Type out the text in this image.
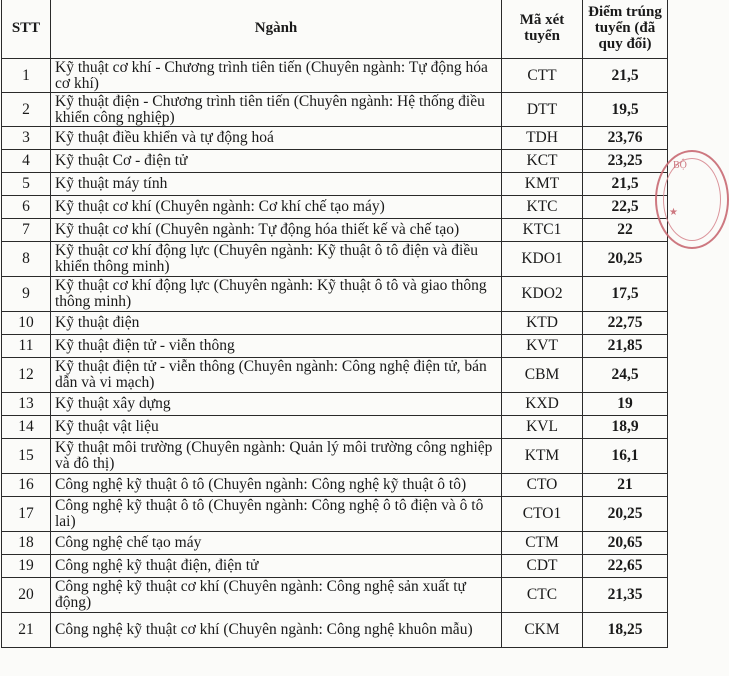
STT	Ngành	Mã xét tuyển	Điểm trúng tuyển (đã quy đổi)
1	Kỹ thuật cơ khí - Chương trình tiên tiến (Chuyên ngành: Tự động hóa cơ khí)	CTT	21,5
2	Kỹ thuật điện - Chương trình tiên tiến (Chuyên ngành: Hệ thống điều khiển công nghiệp)	DTT	19,5
3	Kỹ thuật điều khiển và tự động hoá	TDH	23,76
4	Kỹ thuật Cơ - điện tử	KCT	23,25
5	Kỹ thuật máy tính	KMT	21,5
6	Kỹ thuật cơ khí (Chuyên ngành: Cơ khí chế tạo máy)	KTC	22,5
7	Kỹ thuật cơ khí (Chuyên ngành: Tự động hóa thiết kế và chế tạo)	KTC1	22
8	Kỹ thuật cơ khí động lực (Chuyên ngành: Kỹ thuật ô tô điện và điều khiển thông minh)	KDO1	20,25
9	Kỹ thuật cơ khí động lực (Chuyên ngành: Kỹ thuật ô tô và giao thông thông minh)	KDO2	17,5
10	Kỹ thuật điện	KTD	22,75
11	Kỹ thuật điện tử - viễn thông	KVT	21,85
12	Kỹ thuật điện tử - viễn thông (Chuyên ngành: Công nghệ điện tử, bán dẫn và vi mạch)	CBM	24,5
13	Kỹ thuật xây dựng	KXD	19
14	Kỹ thuật vật liệu	KVL	18,9
15	Kỹ thuật môi trường (Chuyên ngành: Quản lý môi trường công nghiệp và đô thị)	KTM	16,1
16	Công nghệ kỹ thuật ô tô (Chuyên ngành: Công nghệ kỹ thuật ô tô)	CTO	21
17	Công nghệ kỹ thuật ô tô (Chuyên ngành: Công nghệ ô tô điện và ô tô lai)	CTO1	20,25
18	Công nghệ chế tạo máy	CTM	20,65
19	Công nghệ kỹ thuật điện, điện tử	CDT	22,65
20	Công nghệ kỹ thuật cơ khí (Chuyên ngành: Công nghệ sản xuất tự động)	CTC	21,35
21	Công nghệ kỹ thuật cơ khí (Chuyên ngành: Công nghệ khuôn mẫu)	CKM	18,25
BỘ
★
